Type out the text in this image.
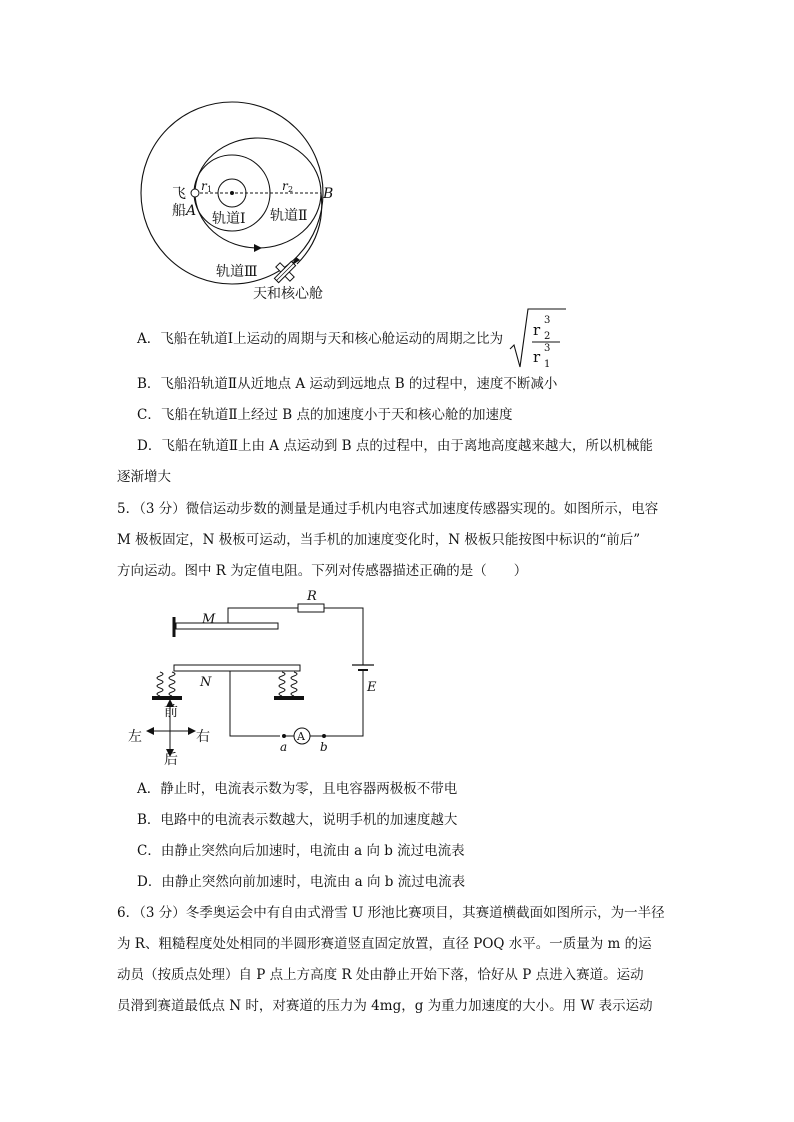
飞
船 A
B
r 1	r 2
轨道Ⅰ 轨道Ⅱ
轨道Ⅲ
天和核心舱
A．飞船在轨道Ⅰ上运动的周期与天和核心舱运动的周期之比为 r
3
2
r 3
1
B．飞船沿轨道Ⅱ从近地点 A 运动到远地点 B 的过程中，速度不断减小
C．飞船在轨道Ⅱ上经过 B 点的加速度小于天和核心舱的加速度
D．飞船在轨道Ⅱ上由 A 点运动到 B 点的过程中，由于离地高度越来越大，所以机械能
逐渐增大
5．（3 分）微信运动步数的测量是通过手机内电容式加速度传感器实现的。如图所示，电容
M 极板固定，N 极板可运动，当手机的加速度变化时，N 极板只能按图中标识的“前后”
方向运动。图中 R 为定值电阻。下列对传感器描述正确的是（　　）
M
R
E
N
A
a	b
前
后
左	右
A．静止时，电流表示数为零，且电容器两极板不带电
B．电路中的电流表示数越大，说明手机的加速度越大
C．由静止突然向后加速时，电流由 a 向 b 流过电流表
D．由静止突然向前加速时，电流由 a 向 b 流过电流表
6．（3 分）冬季奥运会中有自由式滑雪 U 形池比赛项目，其赛道横截面如图所示，为一半径
为 R、粗糙程度处处相同的半圆形赛道竖直固定放置，直径 POQ 水平。一质量为 m 的运
动员（按质点处理）自 P 点上方高度 R 处由静止开始下落，恰好从 P 点进入赛道。运动
员滑到赛道最低点 N 时，对赛道的压力为 4mg，g 为重力加速度的大小。用 W 表示运动
